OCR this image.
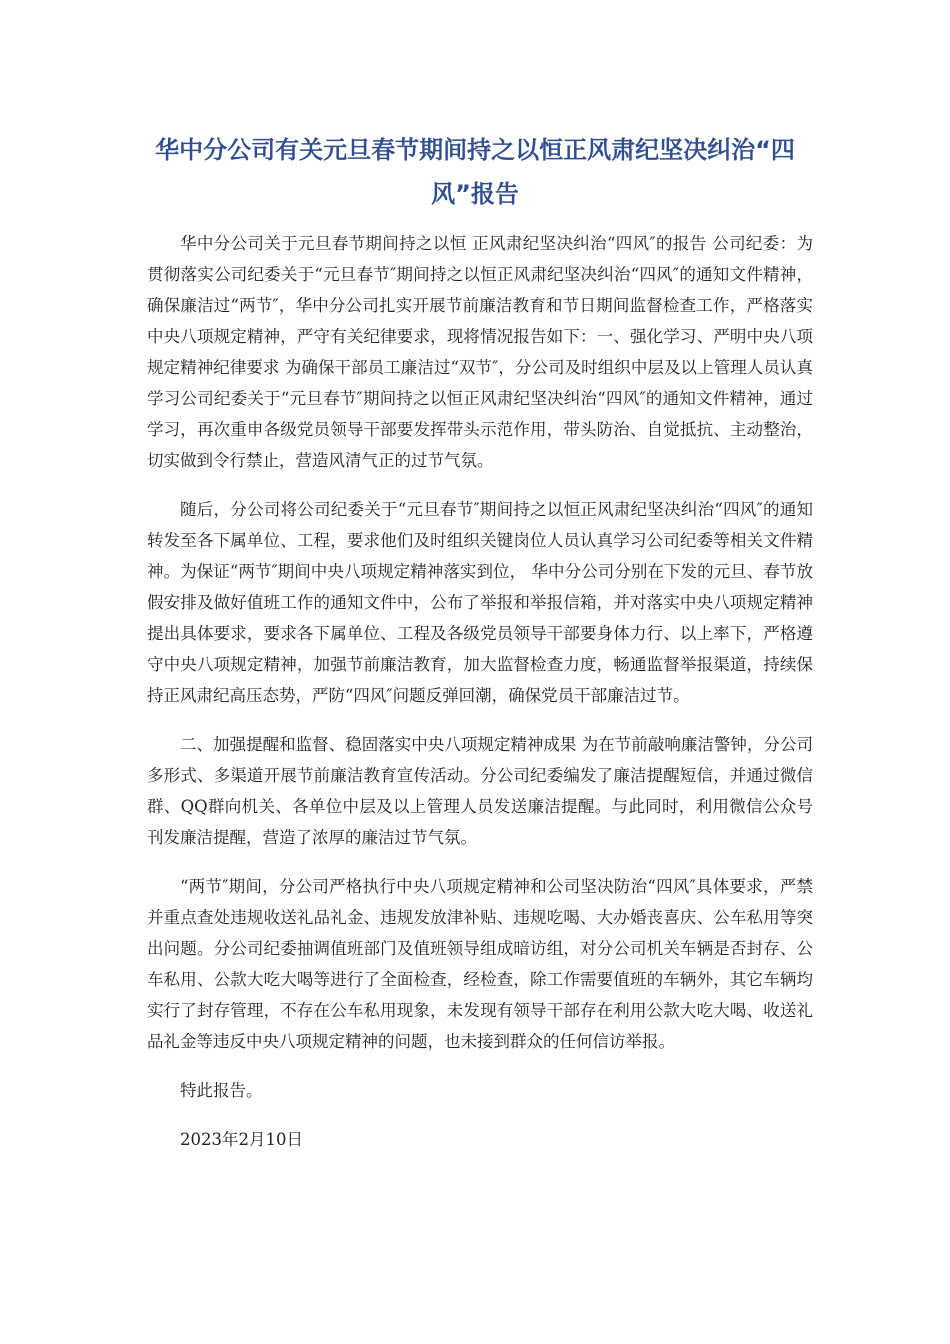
华中分公司有关元旦春节期间持之以恒正风肃纪坚决纠治“四风”报告

华中分公司关于元旦春节期间持之以恒 正风肃纪坚决纠治“四风″的报告 公司纪委：为贯彻落实公司纪委关于“元旦春节″期间持之以恒正风肃纪坚决纠治“四风″的通知文件精神，确保廉洁过“两节″，华中分公司扎实开展节前廉洁教育和节日期间监督检查工作，严格落实中央八项规定精神，严守有关纪律要求，现将情况报告如下：一、强化学习、严明中央八项规定精神纪律要求 为确保干部员工廉洁过“双节″，分公司及时组织中层及以上管理人员认真学习公司纪委关于“元旦春节″期间持之以恒正风肃纪坚决纠治“四风″的通知文件精神，通过学习，再次重申各级党员领导干部要发挥带头示范作用，带头防治、自觉抵抗、主动整治，切实做到令行禁止，营造风清气正的过节气氛。

随后，分公司将公司纪委关于“元旦春节″期间持之以恒正风肃纪坚决纠治“四风″的通知转发至各下属单位、工程，要求他们及时组织关键岗位人员认真学习公司纪委等相关文件精神。为保证“两节″期间中央八项规定精神落实到位， 华中分公司分别在下发的元旦、春节放假安排及做好值班工作的通知文件中，公布了举报和举报信箱，并对落实中央八项规定精神提出具体要求，要求各下属单位、工程及各级党员领导干部要身体力行、以上率下，严格遵守中央八项规定精神，加强节前廉洁教育，加大监督检查力度，畅通监督举报渠道，持续保持正风肃纪高压态势，严防“四风″问题反弹回潮，确保党员干部廉洁过节。

二、加强提醒和监督、稳固落实中央八项规定精神成果 为在节前敲响廉洁警钟，分公司多形式、多渠道开展节前廉洁教育宣传活动。分公司纪委编发了廉洁提醒短信，并通过微信群、QQ群向机关、各单位中层及以上管理人员发送廉洁提醒。与此同时，利用微信公众号刊发廉洁提醒，营造了浓厚的廉洁过节气氛。

“两节″期间，分公司严格执行中央八项规定精神和公司坚决防治“四风″具体要求，严禁并重点查处违规收送礼品礼金、违规发放津补贴、违规吃喝、大办婚丧喜庆、公车私用等突出问题。分公司纪委抽调值班部门及值班领导组成暗访组，对分公司机关车辆是否封存、公车私用、公款大吃大喝等进行了全面检查，经检查，除工作需要值班的车辆外，其它车辆均实行了封存管理，不存在公车私用现象，未发现有领导干部存在利用公款大吃大喝、收送礼品礼金等违反中央八项规定精神的问题，也未接到群众的任何信访举报。

特此报告。

2023年2月10日
